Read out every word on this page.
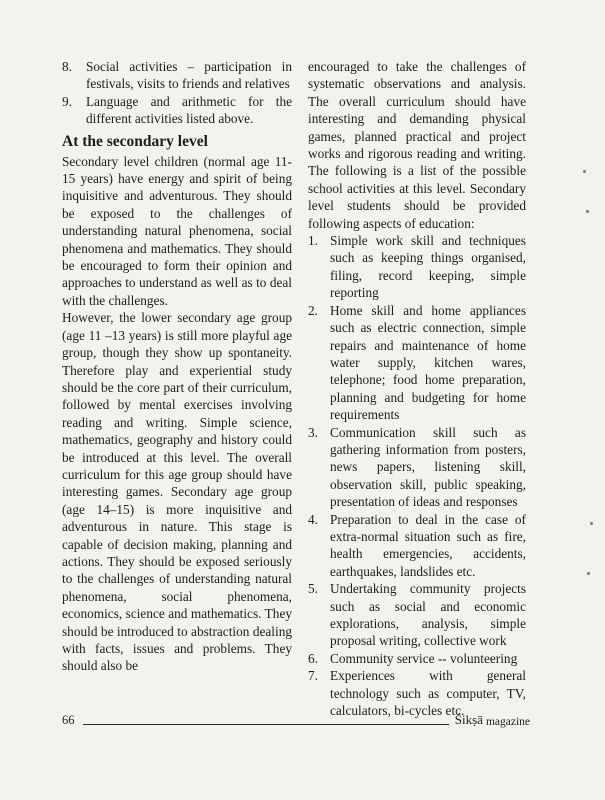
8.	Social activities – participation in festivals, visits to friends and relatives
9.	Language and arithmetic for the different activities listed above.
At the secondary level

Secondary level children (normal age 11- 15 years) have energy and spirit of being inquisitive and adventurous. They should be exposed to the challenges of understanding natural phenomena, social phenomena and mathematics. They should be encouraged to form their opinion and approaches to understand as well as to deal with the challenges.

However, the lower secondary age group (age 11 –13 years) is still more playful age group, though they show up spontaneity. Therefore play and experiential study should be the core part of their curriculum, followed by mental exercises involving reading and writing. Simple science, mathematics, geography and history could be introduced at this level. The overall curriculum for this age group should have interesting games. Secondary age group (age 14–15) is more inquisitive and adventurous in nature. This stage is capable of decision making, planning and actions. They should be exposed seriously to the challenges of understanding natural phenomena, social phenomena, economics, science and mathematics. They should be introduced to abstraction dealing with facts, issues and problems. They should also be

encouraged to take the challenges of systematic observations and analysis. The overall curriculum should have interesting and demanding physical games, planned practical and project works and rigorous reading and writing. The following is a list of the possible school activities at this level. Secondary level students should be provided following aspects of education:

1. Simple work skill and techniques such as keeping things organised, filing, record keeping, simple reporting
2. Home skill and home appliances such as electric connection, simple repairs and maintenance of home water supply, kitchen wares, telephone; food home preparation, planning and budgeting for home requirements
3. Communication skill such as gathering information from posters, news papers, listening skill, observation skill, public speaking, presentation of ideas and responses
4. Preparation to deal in the case of extra-normal situation such as fire, health emergencies, accidents, earthquakes, landslides etc.
5. Undertaking community projects such as social and economic explorations, analysis, simple proposal writing, collective work
6. Community service -- volunteering
7. Experiences with general technology such as computer, TV, calculators, bi-cycles etc.
66	Śikṣā magazine
